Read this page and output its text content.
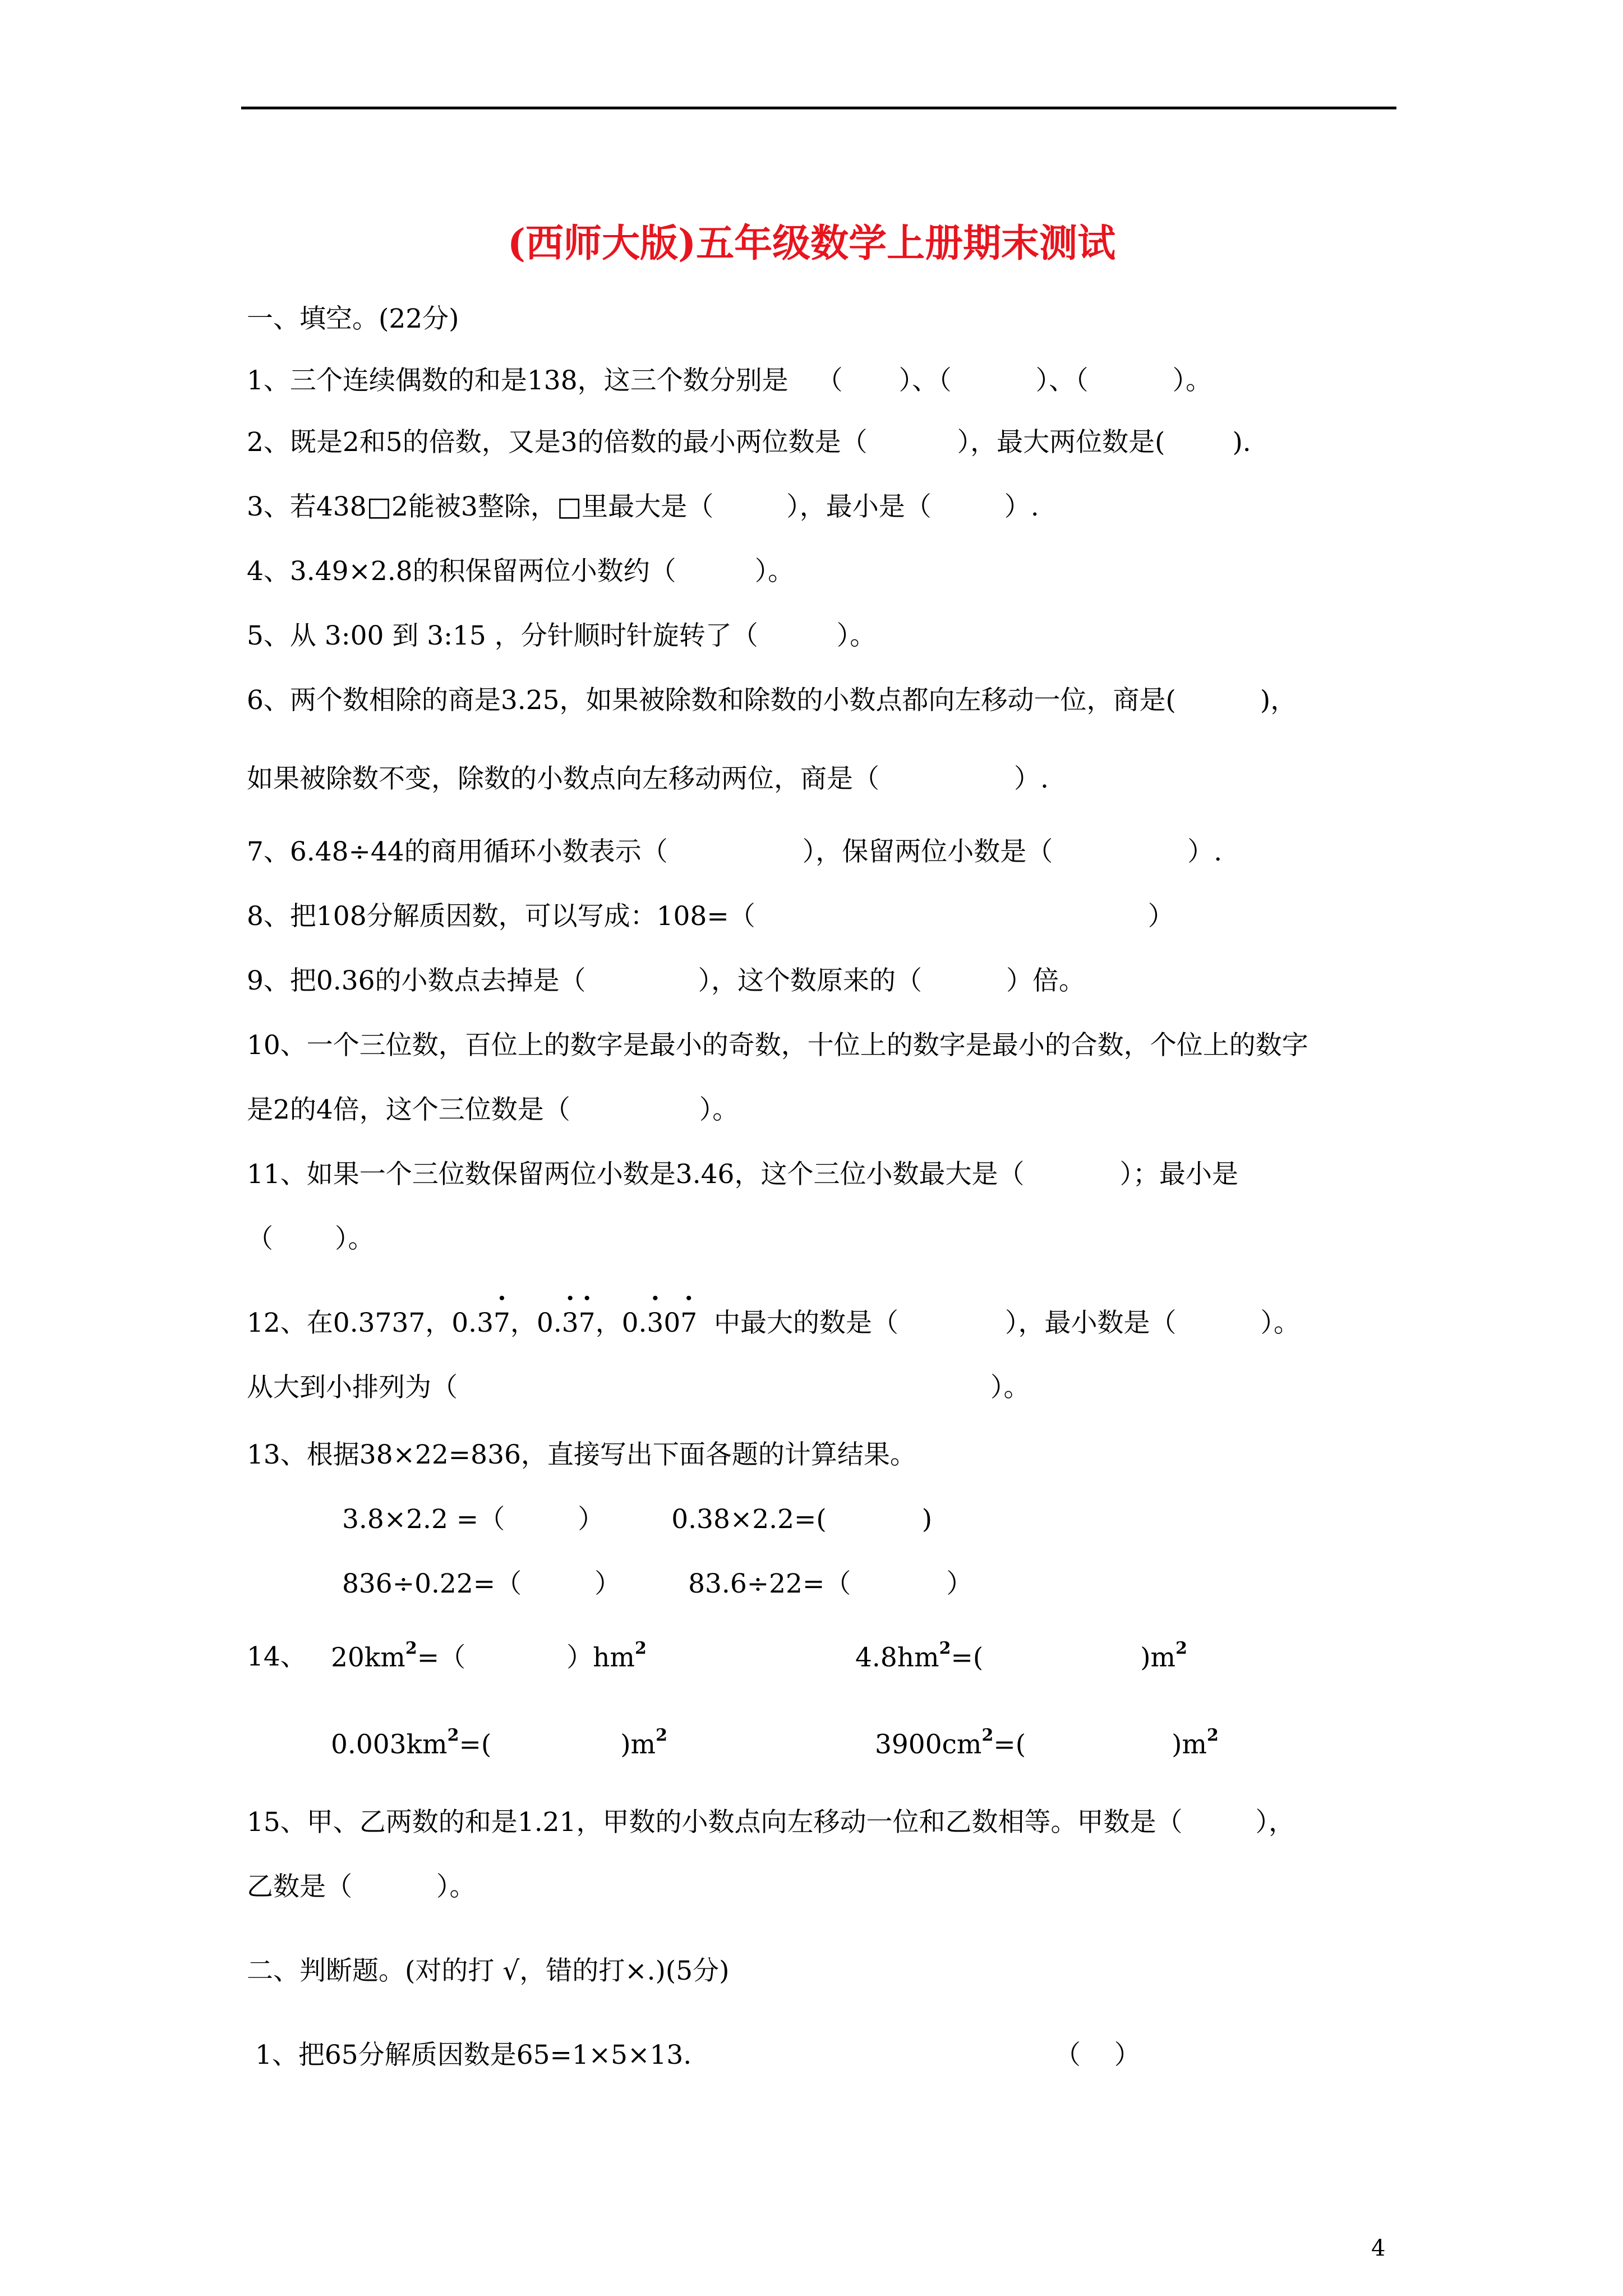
(西师大版)五年级数学上册期末测试
一、填空。(22分)
1、三个连续偶数的和是138，这三个数分别是 （ ）、（	）、（	）。
2、既是2和5的倍数，又是3的倍数的最小两位数是（	），最大两位数是(	).
3、若438□2能被3整除，□里最大是（	），最小是（	）.
4、3.49×2.8的积保留两位小数约（	）。
5、从 3:00 到 3:15 ，分针顺时针旋转了（	）。
6、两个数相除的商是3.25，如果被除数和除数的小数点都向左移动一位，商是(	)，
如果被除数不变，除数的小数点向左移动两位，商是（	）.
7、6.48÷44的商用循环小数表示（	），保留两位小数是（	）.
8、把108分解质因数，可以写成：108=（	）
9、把0.36的小数点去掉是（	），这个数原来的（	）倍。
10、一个三位数，百位上的数字是最小的奇数，十位上的数字是最小的合数，个位上的数字
是2的4倍，这个三位数是（	）。
11、如果一个三位数保留两位小数是3.46，这个三位小数最大是（	）；最小是
（ ）。
12、在0.3737，0.3· 7，0.· 3· 7，0.· 30· 7  中最大的数是（	），最小数是（	）。
从大到小排列为（	）。
13、根据38×22=836，直接写出下面各题的计算结果。
3.8×2.2 =（	）	0.38×2.2=(	)
836÷0.22=（	）	83.6÷22=（	）
14、 $20km^2=$（	）$hm^2$	$4.8hm^2=$(	)$m^2$
$0.003km^2=$(	)$m^2$	$3900cm^2=$(	)$m^2$
15、甲、乙两数的和是1.21，甲数的小数点向左移动一位和乙数相等。甲数是（	），
乙数是（	）。
二、判断题。(对的打 √，错的打×.)(5分)
1、把65分解质因数是65=1×5×13.	（    ）
4
